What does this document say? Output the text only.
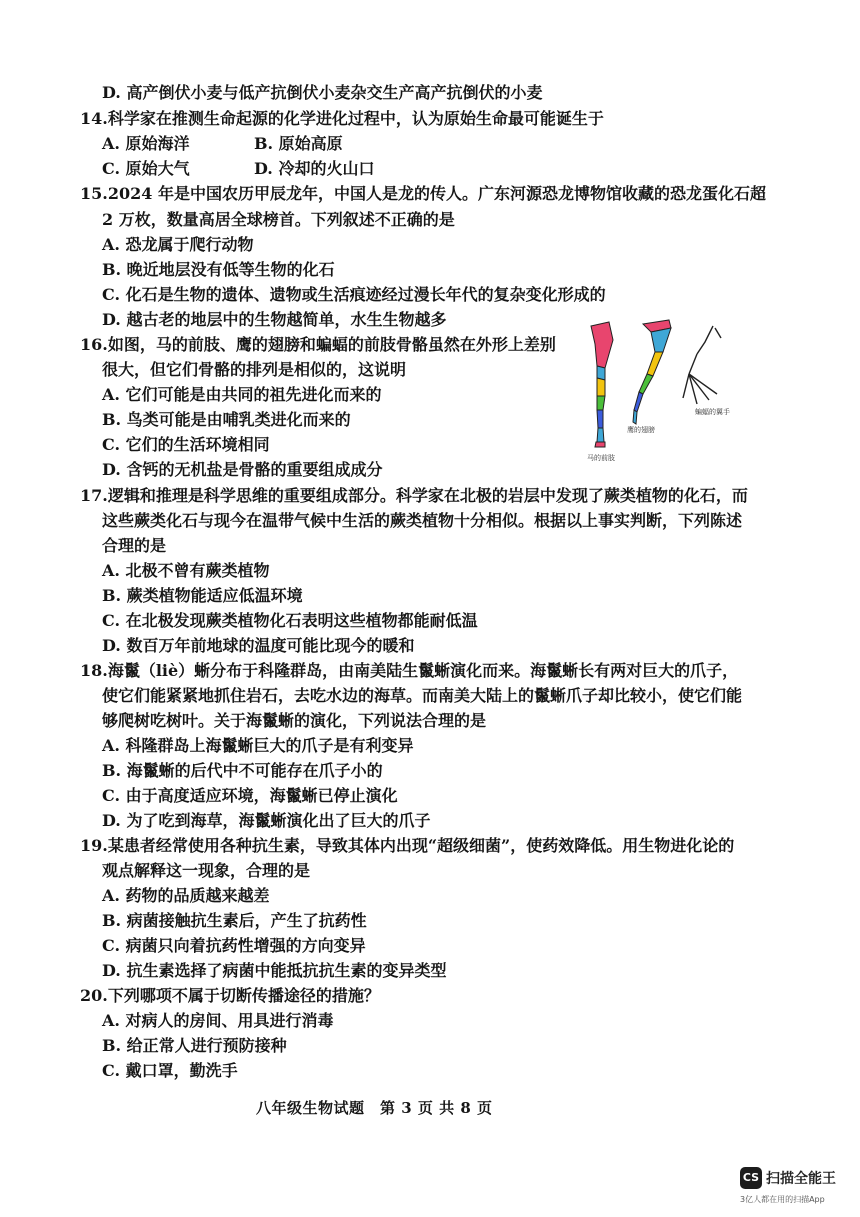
D. 高产倒伏小麦与低产抗倒伏小麦杂交生产高产抗倒伏的小麦
14.科学家在推测生命起源的化学进化过程中，认为原始生命最可能诞生于
A. 原始海洋	B. 原始高原
C. 原始大气	D. 冷却的火山口
15.2024 年是中国农历甲辰龙年，中国人是龙的传人。广东河源恐龙博物馆收藏的恐龙蛋化石超
2 万枚，数量高居全球榜首。下列叙述不正确的是
A. 恐龙属于爬行动物
B. 晚近地层没有低等生物的化石
C. 化石是生物的遗体、遗物或生活痕迹经过漫长年代的复杂变化形成的
D. 越古老的地层中的生物越简单，水生生物越多
16.如图，马的前肢、鹰的翅膀和蝙蝠的前肢骨骼虽然在外形上差别
很大，但它们骨骼的排列是相似的，这说明
A. 它们可能是由共同的祖先进化而来的
B. 鸟类可能是由哺乳类进化而来的
C. 它们的生活环境相同
D. 含钙的无机盐是骨骼的重要组成成分
蝙蝠的翼手
鹰的翅膀
马的前肢
17.逻辑和推理是科学思维的重要组成部分。科学家在北极的岩层中发现了蕨类植物的化石，而
这些蕨类化石与现今在温带气候中生活的蕨类植物十分相似。根据以上事实判断，下列陈述
合理的是
A. 北极不曾有蕨类植物
B. 蕨类植物能适应低温环境
C. 在北极发现蕨类植物化石表明这些植物都能耐低温
D. 数百万年前地球的温度可能比现今的暖和
18.海鬣（liè）蜥分布于科隆群岛，由南美陆生鬣蜥演化而来。海鬣蜥长有两对巨大的爪子，
使它们能紧紧地抓住岩石，去吃水边的海草。而南美大陆上的鬣蜥爪子却比较小，使它们能
够爬树吃树叶。关于海鬣蜥的演化，下列说法合理的是
A. 科隆群岛上海鬣蜥巨大的爪子是有利变异
B. 海鬣蜥的后代中不可能存在爪子小的
C. 由于高度适应环境，海鬣蜥已停止演化
D. 为了吃到海草，海鬣蜥演化出了巨大的爪子
19.某患者经常使用各种抗生素，导致其体内出现“超级细菌”，使药效降低。用生物进化论的
观点解释这一现象，合理的是
A. 药物的品质越来越差
B. 病菌接触抗生素后，产生了抗药性
C. 病菌只向着抗药性增强的方向变异
D. 抗生素选择了病菌中能抵抗抗生素的变异类型
20.下列哪项不属于切断传播途径的措施？
A. 对病人的房间、用具进行消毒
B. 给正常人进行预防接种
C. 戴口罩，勤洗手
八年级生物试题　第 3 页 共 8 页
CS 扫描全能王
3亿人都在用的扫描App
